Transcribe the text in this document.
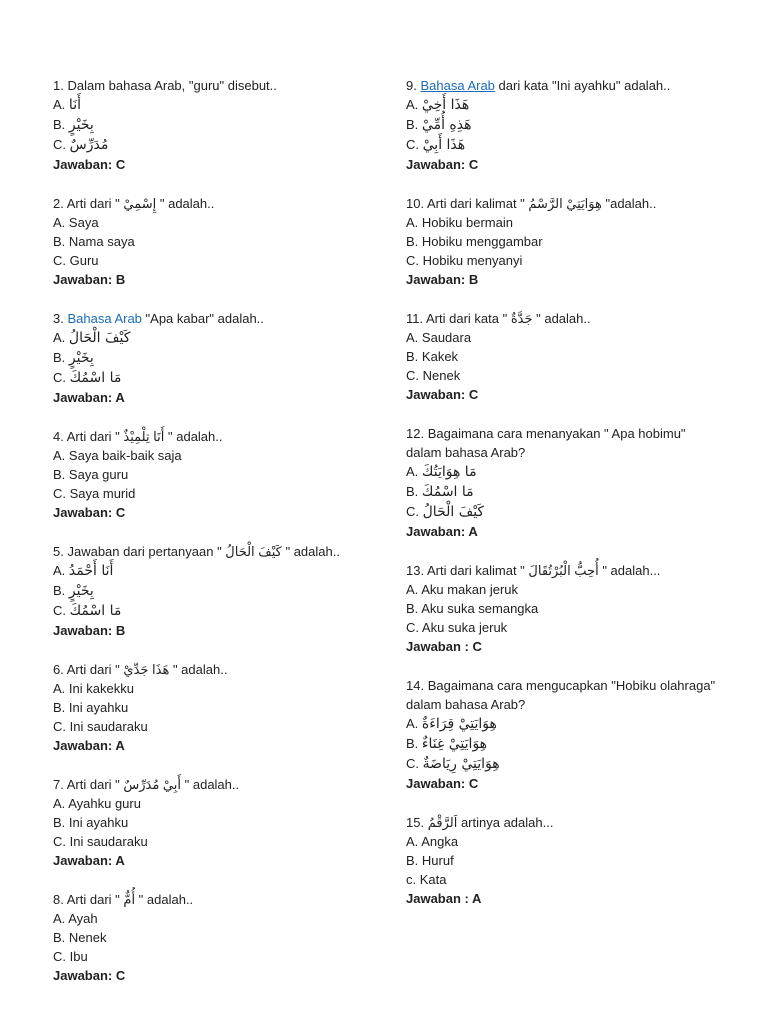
1. Dalam bahasa Arab, "guru" disebut..
A. أَنَا
B. بِخَيْرٍ
C. مُدَرِّسٌ
Jawaban: C
2. Arti dari " إِسْمِيْ " adalah..
A. Saya
B. Nama saya
C. Guru
Jawaban: B
3. Bahasa Arab "Apa kabar" adalah..
A. كَيْفَ الْحَالُ
B. بِخَيْرٍ
C. مَا اسْمُكَ
Jawaban: A
4. Arti dari " أَنَا تِلْمِيْذٌ " adalah..
A. Saya baik-baik saja
B. Saya guru
C. Saya murid
Jawaban: C
5. Jawaban dari pertanyaan " كَيْفَ الْحَالُ " adalah..
A. أَنَا أَحْمَدُ
B. بِخَيْرٍ
C. مَا اسْمُكَ
Jawaban: B
6. Arti dari " هَذَا جَدِّيْ " adalah..
A. Ini kakekku
B. Ini ayahku
C. Ini saudaraku
Jawaban: A
7. Arti dari " أَبِيْ مُدَرِّسٌ " adalah..
A. Ayahku guru
B. Ini ayahku
C. Ini saudaraku
Jawaban: A
8. Arti dari " أُمٌّ " adalah..
A. Ayah
B. Nenek
C. Ibu
Jawaban: C
9. Bahasa Arab dari kata "Ini ayahku" adalah..
A. هَذَا أَخِيْ
B. هَذِهِ أُمِّيْ
C. هَذَا أَبِيْ
Jawaban: C
10. Arti dari kalimat " هِوَايَتِيْ الرَّسْمُ "adalah..
A. Hobiku bermain
B. Hobiku menggambar
C. Hobiku menyanyi
Jawaban: B
11. Arti dari kata " جَدَّةٌ " adalah..
A. Saudara
B. Kakek
C. Nenek
Jawaban: C
12. Bagaimana cara menanyakan " Apa hobimu" dalam bahasa Arab?
A. مَا هِوَايَتُكَ
B. مَا اسْمُكَ
C. كَيْفَ الْحَالُ
Jawaban: A
13. Arti dari kalimat " أُحِبُّ الْبُرْتُقَالَ " adalah...
A. Aku makan jeruk
B. Aku suka semangka
C. Aku suka jeruk
Jawaban : C
14. Bagaimana cara mengucapkan "Hobiku olahraga" dalam bahasa Arab?
A. هِوَايَتِيْ قِرَاءَةٌ
B. هِوَايَتِيْ غِنَاءٌ
C. هِوَايَتِيْ رِيَاضَةٌ
Jawaban: C
15. اَلرَّقْمُ artinya adalah...
A. Angka
B. Huruf
c. Kata
Jawaban : A
